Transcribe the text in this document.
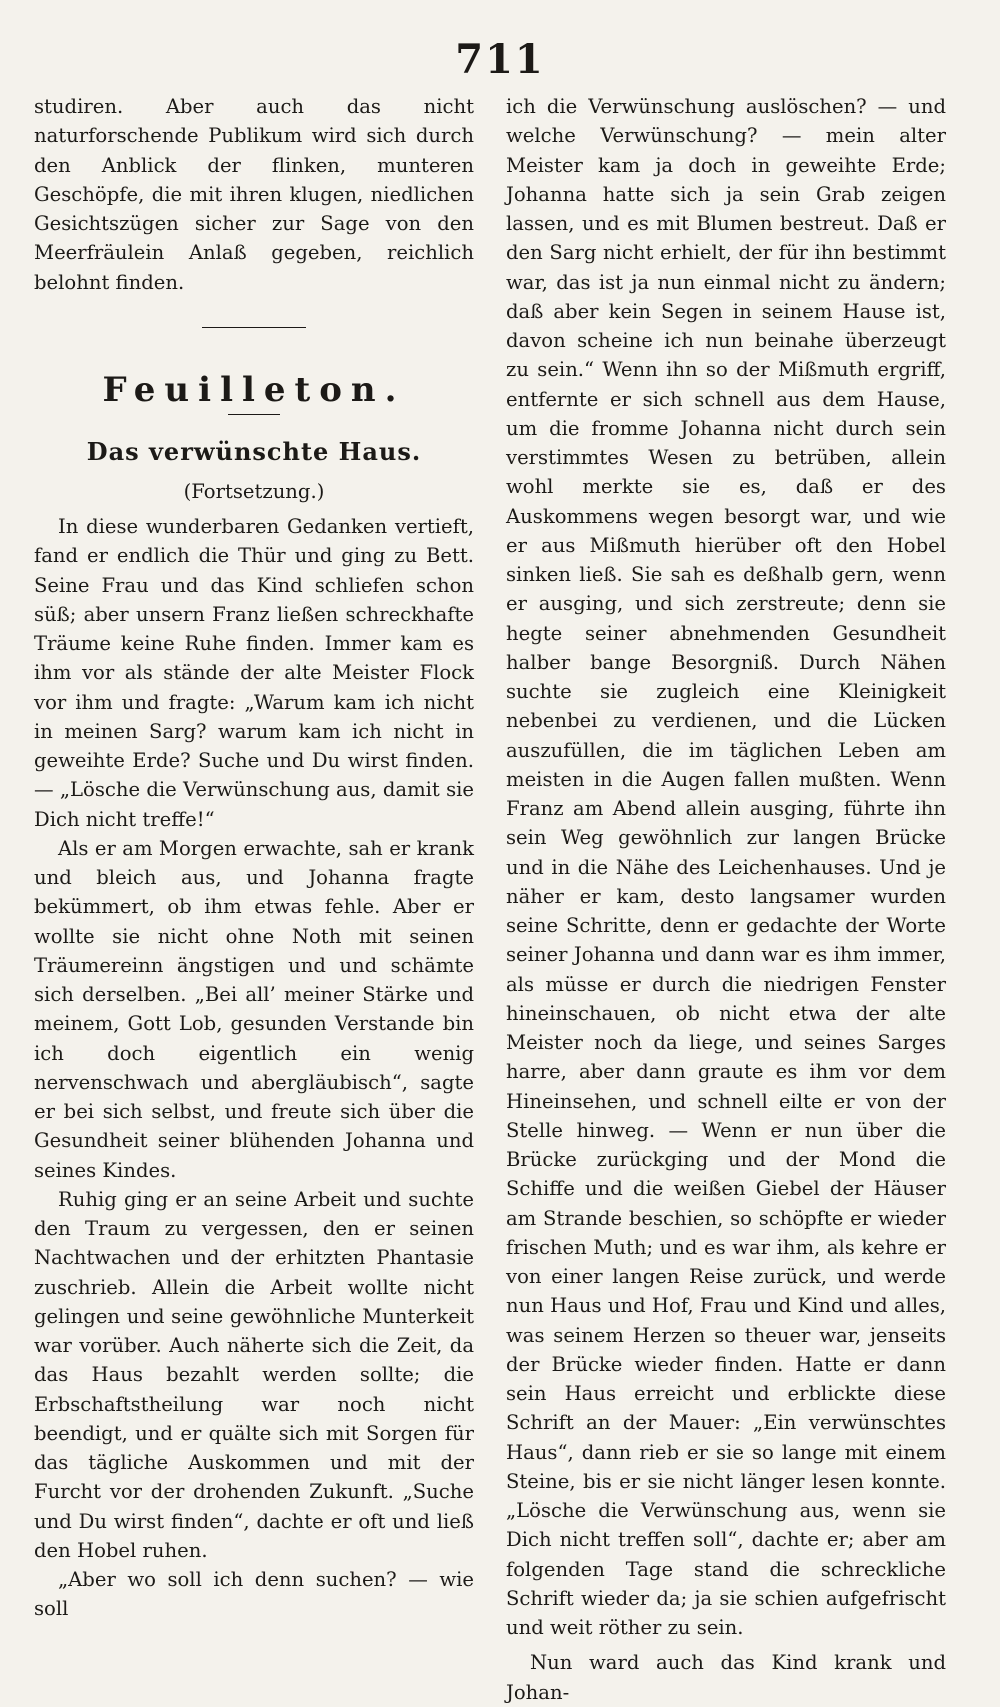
711

studiren. Aber auch das nicht naturforschende Publikum wird sich durch den Anblick der flinken, munteren Geschöpfe, die mit ihren klugen, niedlichen Gesichtszügen sicher zur Sage von den Meerfräulein Anlaß gegeben, reichlich belohnt finden.

Feuilleton.
Das verwünschte Haus.
(Fortsetzung.)

In diese wunderbaren Gedanken vertieft, fand er endlich die Thür und ging zu Bett. Seine Frau und das Kind schliefen schon süß; aber unsern Franz ließen schreckhafte Träume keine Ruhe finden. Immer kam es ihm vor als stände der alte Meister Flock vor ihm und fragte: „Warum kam ich nicht in meinen Sarg? warum kam ich nicht in geweihte Erde? Suche und Du wirst finden. — „Lösche die Verwünschung aus, damit sie Dich nicht treffe!“

Als er am Morgen erwachte, sah er krank und bleich aus, und Johanna fragte bekümmert, ob ihm etwas fehle. Aber er wollte sie nicht ohne Noth mit seinen Träumereinn ängstigen und und schämte sich derselben. „Bei all’ meiner Stärke und meinem, Gott Lob, gesunden Verstande bin ich doch eigentlich ein wenig nervenschwach und abergläubisch“, sagte er bei sich selbst, und freute sich über die Gesundheit seiner blühenden Johanna und seines Kindes.

Ruhig ging er an seine Arbeit und suchte den Traum zu vergessen, den er seinen Nachtwachen und der erhitzten Phantasie zuschrieb. Allein die Arbeit wollte nicht gelingen und seine gewöhnliche Munterkeit war vorüber. Auch näherte sich die Zeit, da das Haus bezahlt werden sollte; die Erbschaftstheilung war noch nicht beendigt, und er quälte sich mit Sorgen für das tägliche Auskommen und mit der Furcht vor der drohenden Zukunft. „Suche und Du wirst finden“, dachte er oft und ließ den Hobel ruhen.

„Aber wo soll ich denn suchen? — wie soll

ich die Verwünschung auslöschen? — und welche Verwünschung? — mein alter Meister kam ja doch in geweihte Erde; Johanna hatte sich ja sein Grab zeigen lassen, und es mit Blumen bestreut. Daß er den Sarg nicht erhielt, der für ihn bestimmt war, das ist ja nun einmal nicht zu ändern; daß aber kein Segen in seinem Hause ist, davon scheine ich nun beinahe überzeugt zu sein.“ Wenn ihn so der Mißmuth ergriff, entfernte er sich schnell aus dem Hause, um die fromme Johanna nicht durch sein verstimmtes Wesen zu betrüben, allein wohl merkte sie es, daß er des Auskommens wegen besorgt war, und wie er aus Mißmuth hierüber oft den Hobel sinken ließ. Sie sah es deßhalb gern, wenn er ausging, und sich zerstreute; denn sie hegte seiner abnehmenden Gesundheit halber bange Besorgniß. Durch Nähen suchte sie zugleich eine Kleinigkeit nebenbei zu verdienen, und die Lücken auszufüllen, die im täglichen Leben am meisten in die Augen fallen mußten. Wenn Franz am Abend allein ausging, führte ihn sein Weg gewöhnlich zur langen Brücke und in die Nähe des Leichenhauses. Und je näher er kam, desto langsamer wurden seine Schritte, denn er gedachte der Worte seiner Johanna und dann war es ihm immer, als müsse er durch die niedrigen Fenster hineinschauen, ob nicht etwa der alte Meister noch da liege, und seines Sarges harre, aber dann graute es ihm vor dem Hineinsehen, und schnell eilte er von der Stelle hinweg. — Wenn er nun über die Brücke zurückging und der Mond die Schiffe und die weißen Giebel der Häuser am Strande beschien, so schöpfte er wieder frischen Muth; und es war ihm, als kehre er von einer langen Reise zurück, und werde nun Haus und Hof, Frau und Kind und alles, was seinem Herzen so theuer war, jenseits der Brücke wieder finden. Hatte er dann sein Haus erreicht und erblickte diese Schrift an der Mauer: „Ein verwünschtes Haus“, dann rieb er sie so lange mit einem Steine, bis er sie nicht länger lesen konnte. „Lösche die Verwünschung aus, wenn sie Dich nicht treffen soll“, dachte er; aber am folgenden Tage stand die schreckliche Schrift wieder da; ja sie schien aufgefrischt und weit röther zu sein.

Nun ward auch das Kind krank und Johan-
